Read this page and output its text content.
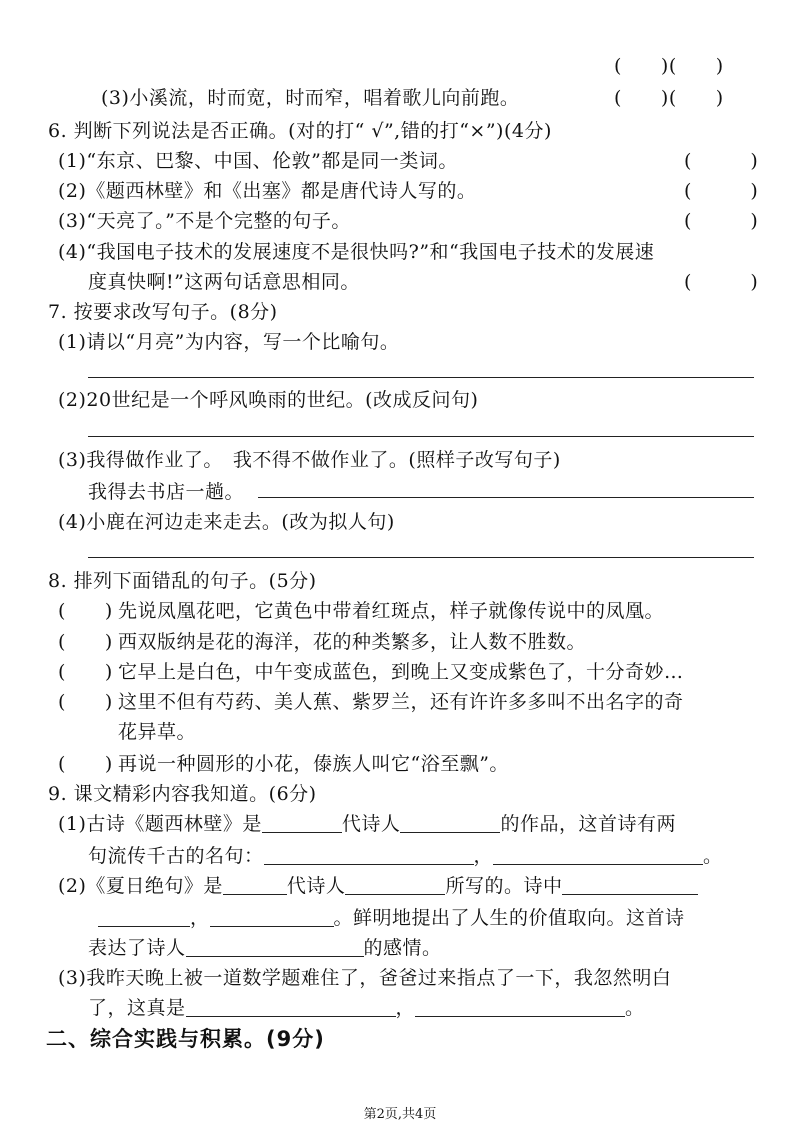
(　　)(　　)
(3)小溪流，时而宽，时而窄，唱着歌儿向前跑。	(　　)(　　)
6. 判断下列说法是否正确。(对的打“ √”,错的打“×”)(4分)
(1)“东京、巴黎、中国、伦敦”都是同一类词。	(　　　)
(2)《题西林壁》和《出塞》都是唐代诗人写的。	(　　　)
(3)“天亮了。”不是个完整的句子。	(　　　)
(4)“我国电子技术的发展速度不是很快吗?”和“我国电子技术的发展速
度真快啊!”这两句话意思相同。	(　　　)
7. 按要求改写句子。(8分)
(1)请以“月亮”为内容，写一个比喻句。
(2)20世纪是一个呼风唤雨的世纪。(改成反问句)
(3)我得做作业了。　我不得不做作业了。(照样子改写句子)
我得去书店一趟。
(4)小鹿在河边走来走去。(改为拟人句)
8. 排列下面错乱的句子。(5分)
(　　) 先说凤凰花吧，它黄色中带着红斑点，样子就像传说中的凤凰。
(　　) 西双版纳是花的海洋，花的种类繁多，让人数不胜数。
(　　) 它早上是白色，中午变成蓝色，到晚上又变成紫色了，十分奇妙…
(　　) 这里不但有芍药、美人蕉、紫罗兰，还有许许多多叫不出名字的奇
花异草。
(　　) 再说一种圆形的小花，傣族人叫它“浴至飘”。
9. 课文精彩内容我知道。(6分)
(1)古诗《题西林壁》是	代诗人	的作品，这首诗有两
句流传千古的名句：	，	。
(2)《夏日绝句》是	代诗人	所写的。诗中
，	。鲜明地提出了人生的价值取向。这首诗
表达了诗人	的感情。
(3)我昨天晚上被一道数学题难住了，爸爸过来指点了一下，我忽然明白
了，这真是	，	。
二、综合实践与积累。(9分)
第2页,共4页
